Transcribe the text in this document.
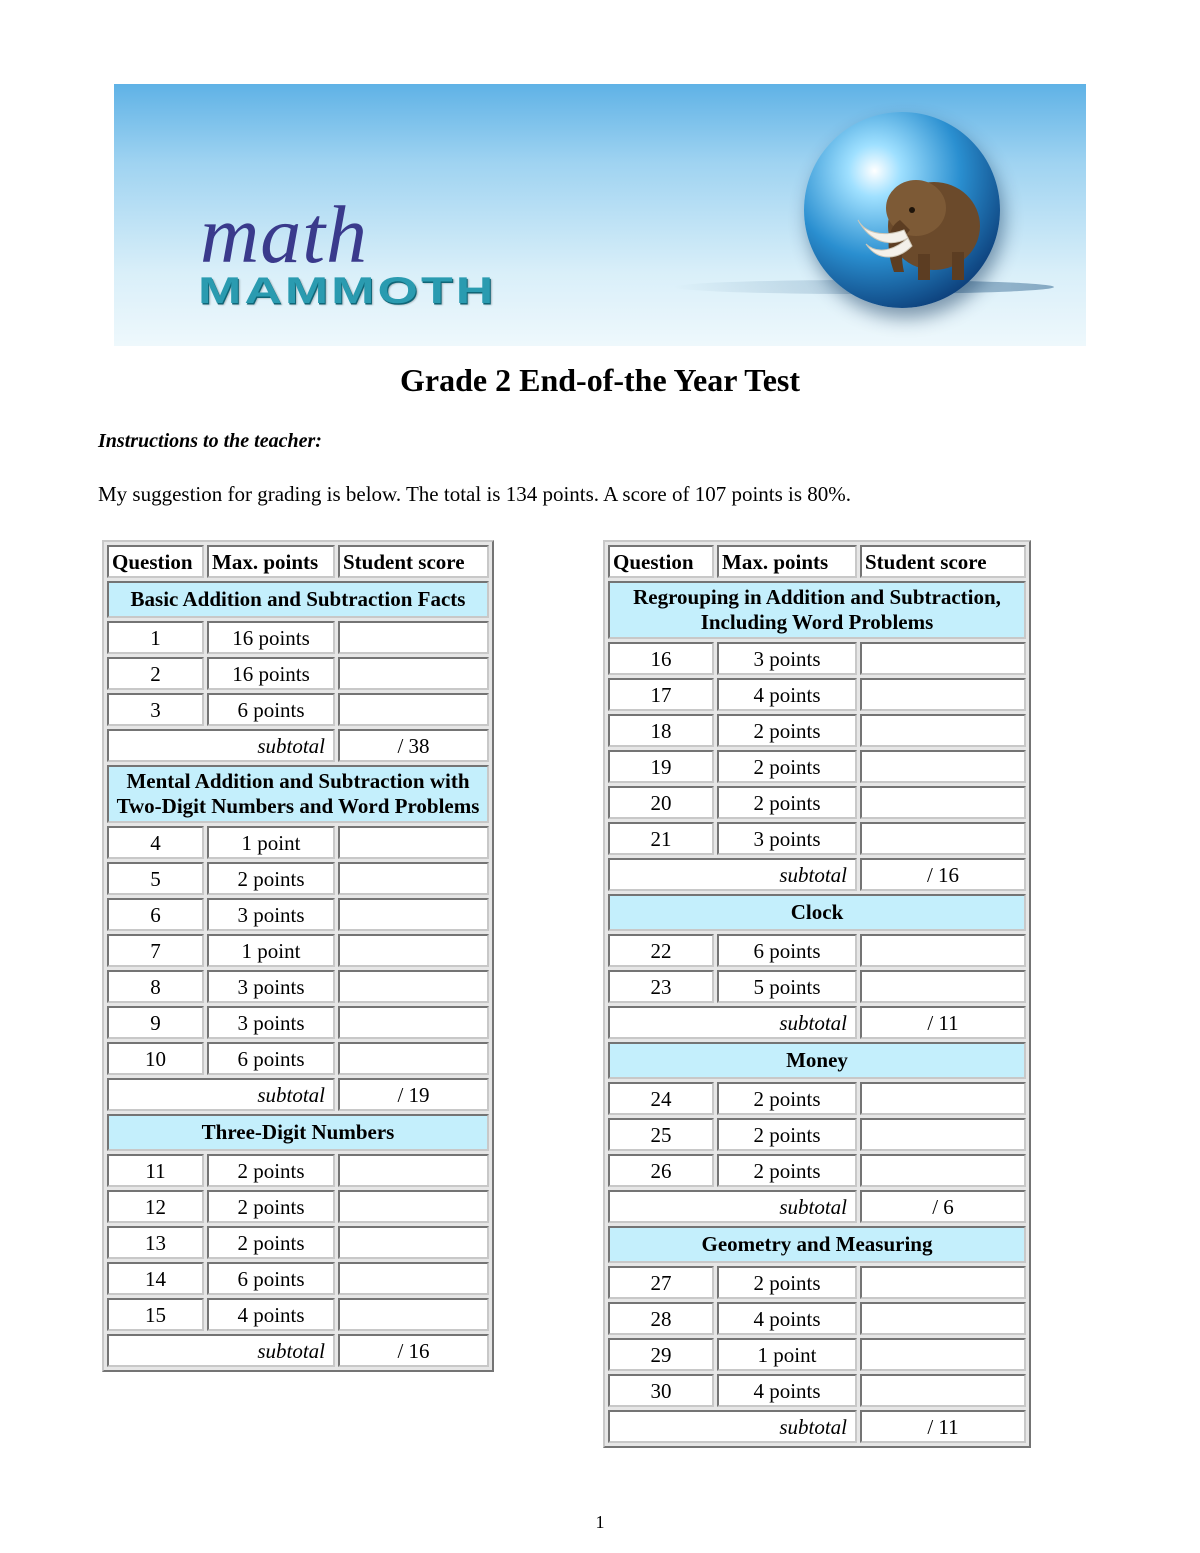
math
MAMMOTH
Grade 2 End-of-the Year Test
Instructions to the teacher:
My suggestion for grading is below. The total is 134 points. A score of 107 points is 80%.
Question	Max. points	Student score
Basic Addition and Subtraction Facts		
1	16 points	
2	16 points	
3	6 points	
subtotal		/ 38
Mental Addition and Subtraction with Two-Digit Numbers and Word Problems		
4	1 point	
5	2 points	
6	3 points	
7	1 point	
8	3 points	
9	3 points	
10	6 points	
subtotal		/ 19
Three-Digit Numbers		
11	2 points	
12	2 points	
13	2 points	
14	6 points	
15	4 points	
subtotal		/ 16
Question	Max. points	Student score
Regrouping in Addition and Subtraction, Including Word Problems		
16	3 points	
17	4 points	
18	2 points	
19	2 points	
20	2 points	
21	3 points	
subtotal		/ 16
Clock		
22	6 points	
23	5 points	
subtotal		/ 11
Money		
24	2 points	
25	2 points	
26	2 points	
subtotal		/ 6
Geometry and Measuring		
27	2 points	
28	4 points	
29	1 point	
30	4 points	
subtotal		/ 11
1
